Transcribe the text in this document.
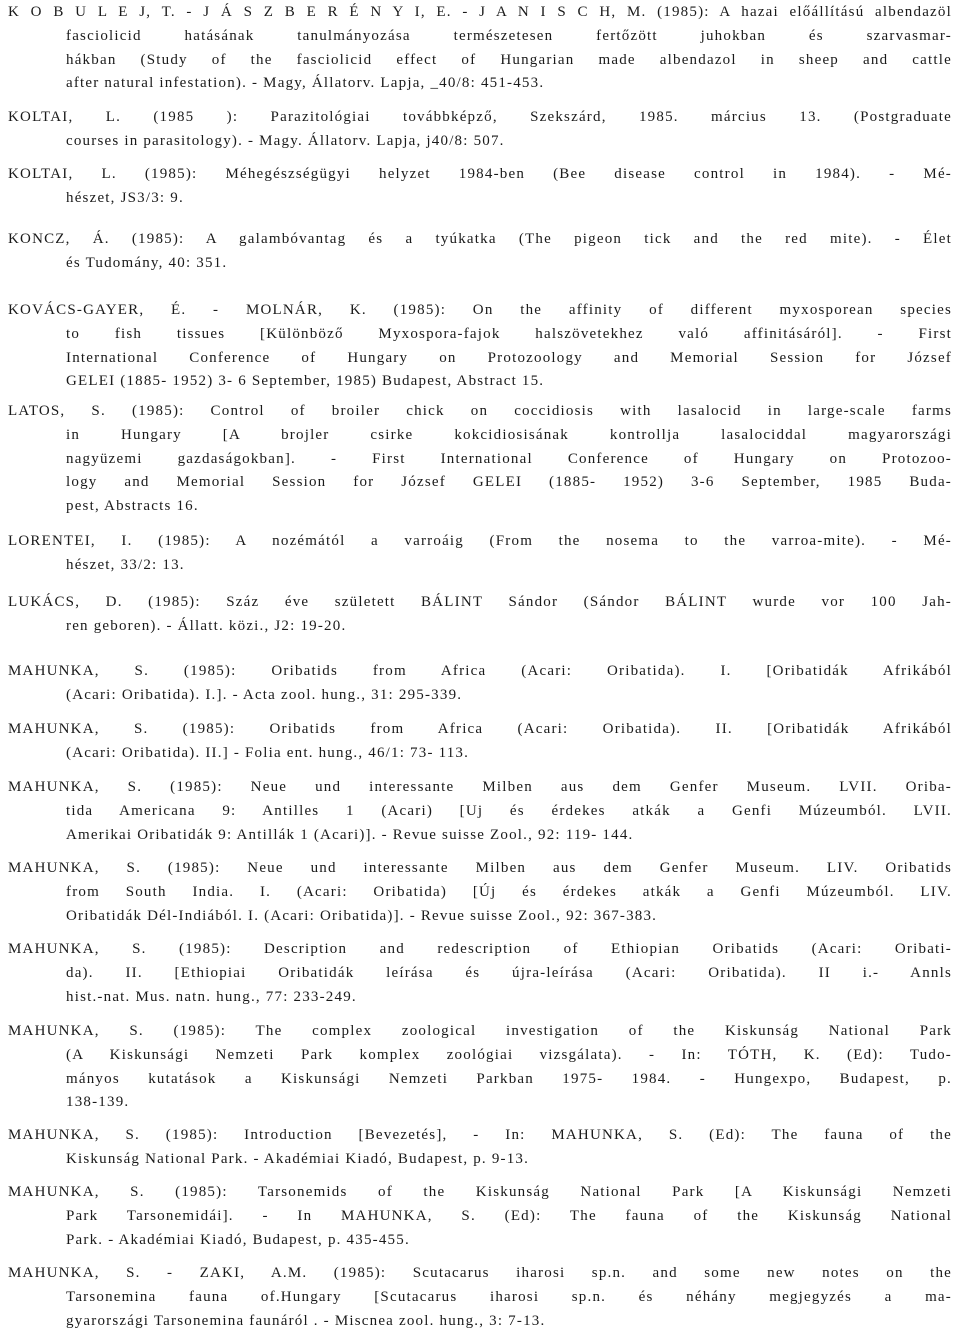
K O B U L E J, T. - J Á S Z B E R É N Y I, E. - J A N I S C H, M. (1985): A hazai előállítású albendazöl
fasciolicid hatásának tanulmányozása természetesen fertőzött juhokban és szarvasmar-
hákban (Study of the fasciolicid effect of Hungarian made albendazol in sheep and cattle
after natural infestation). - Magy, Állatorv. Lapja, _40/8: 451-453.
KOLTAI, L. (1985 ): Parazitológiai továbbképző, Szekszárd, 1985. március 13. (Postgraduate
courses in parasitology). - Magy. Állatorv. Lapja, j40/8: 507.
KOLTAI, L. (1985): Méhegészségügyi helyzet 1984-ben (Bee disease control in 1984). - Mé-
hészet, JS3/3: 9.
KONCZ, Á. (1985): A galambóvantag és a tyúkatka (The pigeon tick and the red mite). - Élet
és Tudomány, 40: 351.
KOVÁCS-GAYER, É. - MOLNÁR, K. (1985): On the affinity of different myxosporean species
to fish tissues [Különböző Myxospora-fajok halszövetekhez való affinitásáról]. - First
International Conference of Hungary on Protozoology and Memorial Session for József
GELEI (1885- 1952) 3- 6 September, 1985) Budapest, Abstract 15.
LATOS, S. (1985): Control of broiler chick on coccidiosis with lasalocid in large-scale farms
in Hungary [A brojler csirke kokcidiosisának kontrollja lasalociddal magyarországi
nagyüzemi gazdaságokban]. - First International Conference of Hungary on Protozoo-
logy and Memorial Session for József GELEI (1885- 1952) 3-6 September, 1985 Buda-
pest, Abstracts 16.
LORENTEI, I. (1985): A nozémától a varroáig (From the nosema to the varroa-mite). - Mé-
hészet, 33/2: 13.
LUKÁCS, D. (1985): Száz éve született BÁLINT Sándor (Sándor BÁLINT wurde vor 100 Jah-
ren geboren). - Állatt. közi., J2: 19-20.
MAHUNKA, S. (1985): Oribatids from Africa (Acari: Oribatida). I. [Oribatidák Afrikából
(Acari: Oribatida). I.]. - Acta zool. hung., 31: 295-339.
MAHUNKA, S. (1985): Oribatids from Africa (Acari: Oribatida). II. [Oribatidák Afrikából
(Acari: Oribatida). II.] - Folia ent. hung., 46/1: 73- 113.
MAHUNKA, S. (1985): Neue und interessante Milben aus dem Genfer Museum. LVII. Oriba-
tida Americana 9: Antilles 1 (Acari) [Uj és érdekes atkák a Genfi Múzeumból. LVII.
Amerikai Oribatidák 9: Antillák 1 (Acari)]. - Revue suisse Zool., 92: 119- 144.
MAHUNKA, S. (1985): Neue und interessante Milben aus dem Genfer Museum. LIV. Oribatids
from South India. I. (Acari: Oribatida) [Új és érdekes atkák a Genfi Múzeumból. LIV.
Oribatidák Dél-Indiából. I. (Acari: Oribatida)]. - Revue suisse Zool., 92: 367-383.
MAHUNKA, S. (1985): Description and redescription of Ethiopian Oribatids (Acari: Oribati-
da). II. [Ethiopiai Oribatidák leírása és újra-leírása (Acari: Oribatida). II i.- Annls
hist.-nat. Mus. natn. hung., 77: 233-249.
MAHUNKA, S. (1985): The complex zoological investigation of the Kiskunság National Park
(A Kiskunsági Nemzeti Park komplex zoológiai vizsgálata). - In: TÓTH, K. (Ed): Tudo-
mányos kutatások a Kiskunsági Nemzeti Parkban 1975- 1984. - Hungexpo, Budapest, p.
138-139.
MAHUNKA, S. (1985): Introduction [Bevezetés], - In: MAHUNKA, S. (Ed): The fauna of the
Kiskunság National Park. - Akadémiai Kiadó, Budapest, p. 9-13.
MAHUNKA, S. (1985): Tarsonemids of the Kiskunság National Park [A Kiskunsági Nemzeti
Park Tarsonemidái]. - In MAHUNKA, S. (Ed): The fauna of the Kiskunság National
Park. - Akadémiai Kiadó, Budapest, p. 435-455.
MAHUNKA, S. - ZAKI, A.M. (1985): Scutacarus iharosi sp.n. and some new notes on the
Tarsonemina fauna of.Hungary [Scutacarus iharosi sp.n. és néhány megjegyzés a ma-
gyarországi Tarsonemina faunáról . - Miscnea zool. hung., 3: 7-13.
